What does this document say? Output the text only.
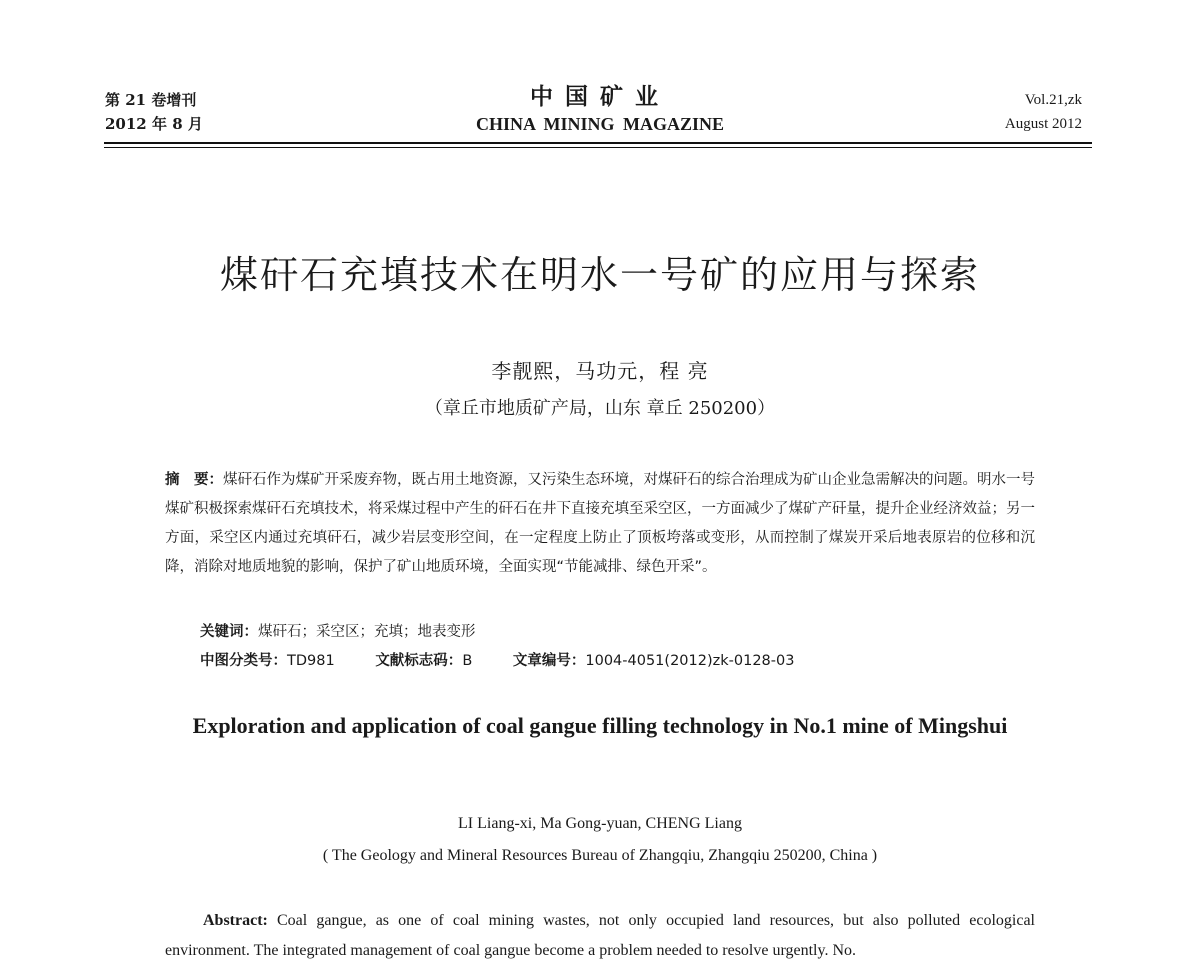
第 21 卷增刊
2012 年 8 月
中国矿业
CHINA MINING MAGAZINE
Vol.21,zk
August 2012
煤矸石充填技术在明水一号矿的应用与探索
李靓熙，马功元，程 亮
（章丘市地质矿产局，山东 章丘 250200）
摘　要：煤矸石作为煤矿开采废弃物，既占用土地资源，又污染生态环境，对煤矸石的综合治理成为矿山企业急需解决的问题。明水一号煤矿积极探索煤矸石充填技术，将采煤过程中产生的矸石在井下直接充填至采空区，一方面减少了煤矿产矸量，提升企业经济效益；另一方面，采空区内通过充填矸石，减少岩层变形空间，在一定程度上防止了顶板垮落或变形，从而控制了煤炭开采后地表原岩的位移和沉降，消除对地质地貌的影响，保护了矿山地质环境，全面实现“节能减排、绿色开采”。
关键词：煤矸石；采空区；充填；地表变形
中图分类号：TD981	文献标志码：B	文章编号：1004-4051(2012)zk-0128-03
Exploration and application of coal gangue filling technology in No.1 mine of Mingshui
LI Liang-xi, Ma Gong-yuan, CHENG Liang
( The Geology and Mineral Resources Bureau of Zhangqiu, Zhangqiu 250200, China )
Abstract: Coal gangue, as one of coal mining wastes, not only occupied land resources, but also polluted ecological environment. The integrated management of coal gangue become a problem needed to resolve urgently. No.
